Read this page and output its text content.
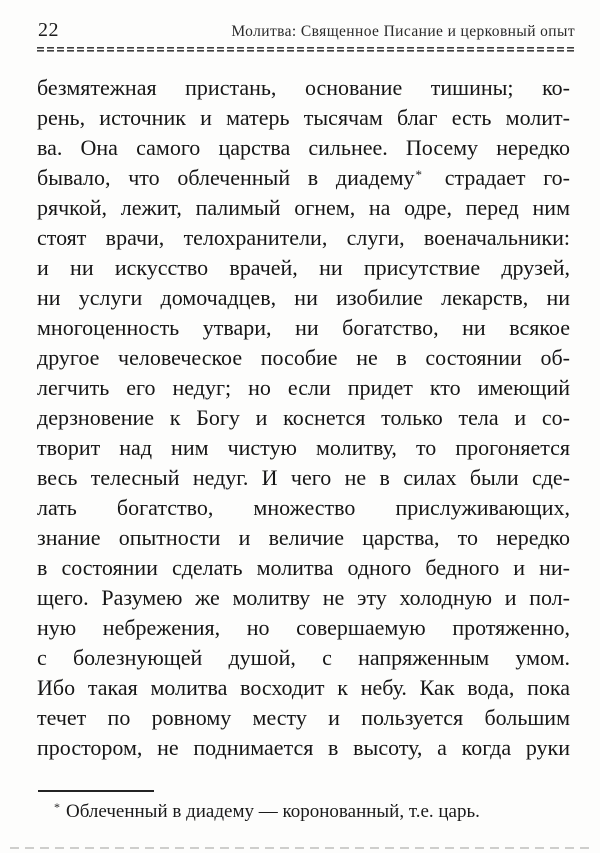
22	Молитва: Священное Писание и церковный опыт
безмятежная пристань, основание тишины; ко-
рень, источник и матерь тысячам благ есть молит-
ва. Она самого царства сильнее. Посему нередко
бывало, что облеченный в диадему* страдает го-
рячкой, лежит, палимый огнем, на одре, перед ним
стоят врачи, телохранители, слуги, военачальники:
и ни искусство врачей, ни присутствие друзей,
ни услуги домочадцев, ни изобилие лекарств, ни
многоценность утвари, ни богатство, ни всякое
другое человеческое пособие не в состоянии об-
легчить его недуг; но если придет кто имеющий
дерзновение к Богу и коснется только тела и со-
творит над ним чистую молитву, то прогоняется
весь телесный недуг. И чего не в силах были сде-
лать богатство, множество прислуживающих,
знание опытности и величие царства, то нередко
в состоянии сделать молитва одного бедного и ни-
щего. Разумею же молитву не эту холодную и пол-
ную небрежения, но совершаемую протяженно,
с болезнующей душой, с напряженным умом.
Ибо такая молитва восходит к небу. Как вода, пока
течет по ровному месту и пользуется большим
простором, не поднимается в высоту, а когда руки
* Облеченный в диадему — коронованный, т.е. царь.
